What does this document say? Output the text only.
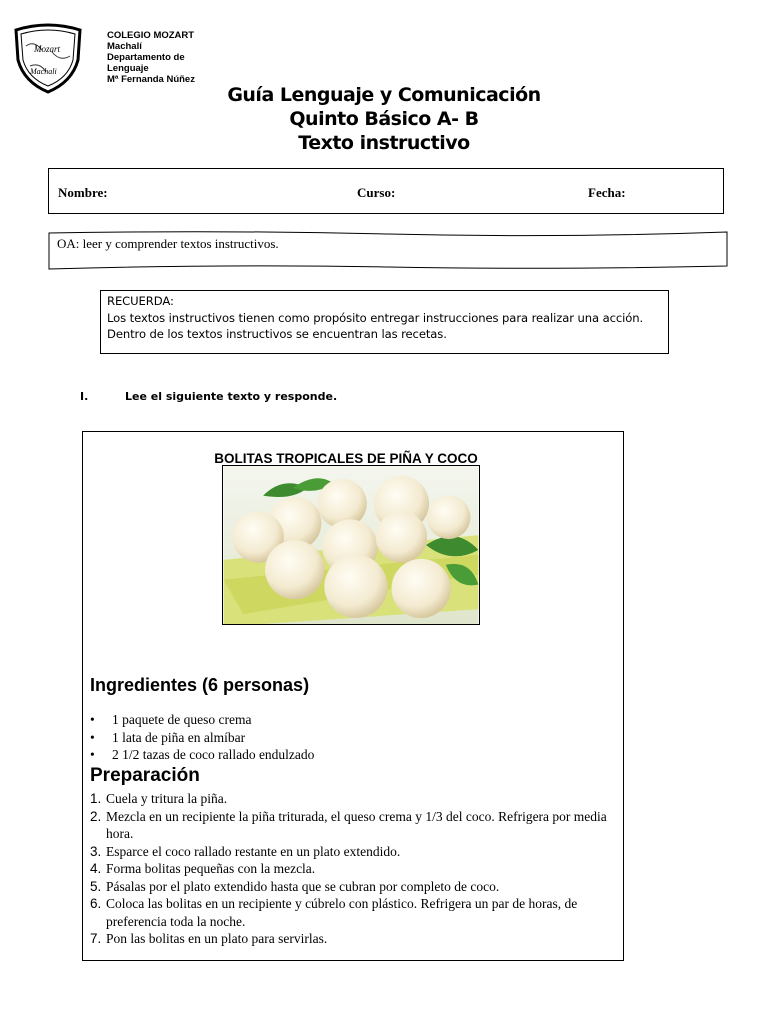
Mozart
Machali
COLEGIO MOZART
Machalí
Departamento de
Lenguaje
Mª Fernanda Núñez
Guía Lenguaje y Comunicación
Quinto Básico A- B
Texto instructivo
Nombre:	Curso:	Fecha:
OA: leer y comprender textos instructivos.
RECUERDA:
Los textos instructivos tienen como propósito entregar instrucciones para realizar una acción. Dentro de los textos instructivos se encuentran las recetas.
I.	Lee el siguiente texto y responde.
BOLITAS TROPICALES DE PIÑA Y COCO
Ingredientes (6 personas)
• 1 paquete de queso crema
• 1 lata de piña en almíbar
• 2 1/2 tazas de coco rallado endulzado
Preparación
1. Cuela y tritura la piña.
2. Mezcla en un recipiente la piña triturada, el queso crema y 1/3 del coco. Refrigera por media hora.
3. Esparce el coco rallado restante en un plato extendido.
4. Forma bolitas pequeñas con la mezcla.
5. Pásalas por el plato extendido hasta que se cubran por completo de coco.
6. Coloca las bolitas en un recipiente y cúbrelo con plástico. Refrigera un par de horas, de preferencia toda la noche.
7. Pon las bolitas en un plato para servirlas.
